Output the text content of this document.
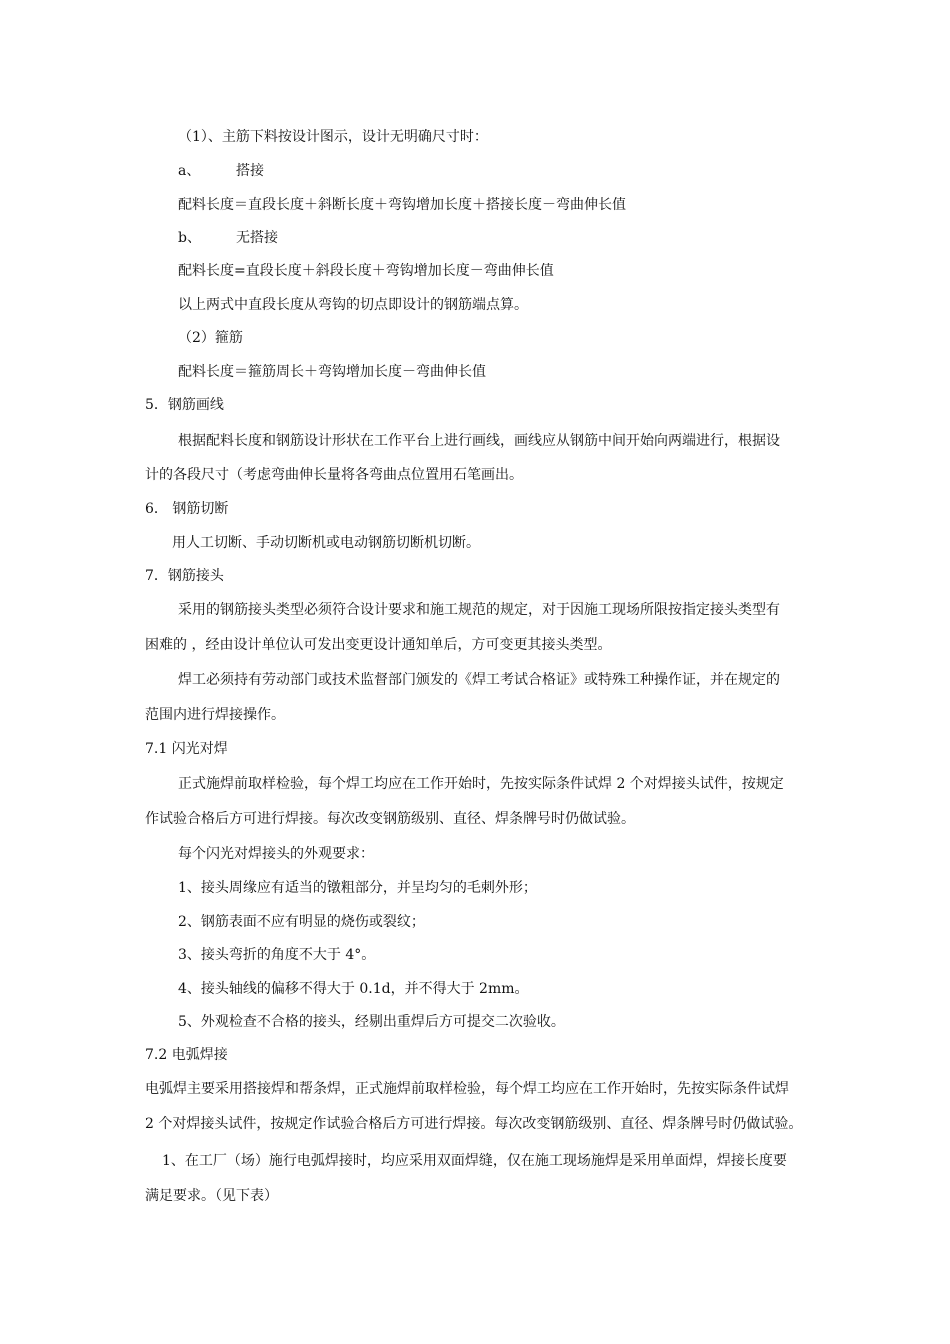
（1）、主筋下料按设计图示，设计无明确尺寸时：
a、	搭接
配料长度＝直段长度＋斜断长度＋弯钩增加长度＋搭接长度－弯曲伸长值
b、	无搭接
配料长度=直段长度＋斜段长度＋弯钩增加长度－弯曲伸长值
以上两式中直段长度从弯钩的切点即设计的钢筋端点算。
（2）箍筋
配料长度＝箍筋周长＋弯钩增加长度－弯曲伸长值
5．钢筋画线
根据配料长度和钢筋设计形状在工作平台上进行画线，画线应从钢筋中间开始向两端进行，根据设
计的各段尺寸（考虑弯曲伸长量将各弯曲点位置用石笔画出。
6． 钢筋切断
用人工切断、手动切断机或电动钢筋切断机切断。
7．钢筋接头
采用的钢筋接头类型必须符合设计要求和施工规范的规定，对于因施工现场所限按指定接头类型有
困难的 ，经由设计单位认可发出变更设计通知单后，方可变更其接头类型。
焊工必须持有劳动部门或技术监督部门颁发的《焊工考试合格证》或特殊工种操作证，并在规定的
范围内进行焊接操作。
7.1 闪光对焊
正式施焊前取样检验，每个焊工均应在工作开始时，先按实际条件试焊 2 个对焊接头试件，按规定
作试验合格后方可进行焊接。每次改变钢筋级别、直径、焊条牌号时仍做试验。
每个闪光对焊接头的外观要求：
1、接头周缘应有适当的镦粗部分，并呈均匀的毛刺外形；
2、钢筋表面不应有明显的烧伤或裂纹；
3、接头弯折的角度不大于 4°。
4、接头轴线的偏移不得大于 0.1d，并不得大于 2mm。
5、外观检查不合格的接头，经剔出重焊后方可提交二次验收。
7.2 电弧焊接
电弧焊主要采用搭接焊和帮条焊，正式施焊前取样检验，每个焊工均应在工作开始时，先按实际条件试焊
2 个对焊接头试件，按规定作试验合格后方可进行焊接。每次改变钢筋级别、直径、焊条牌号时仍做试验。
1、在工厂（场）施行电弧焊接时，均应采用双面焊缝，仅在施工现场施焊是采用单面焊，焊接长度要
满足要求。（见下表）
